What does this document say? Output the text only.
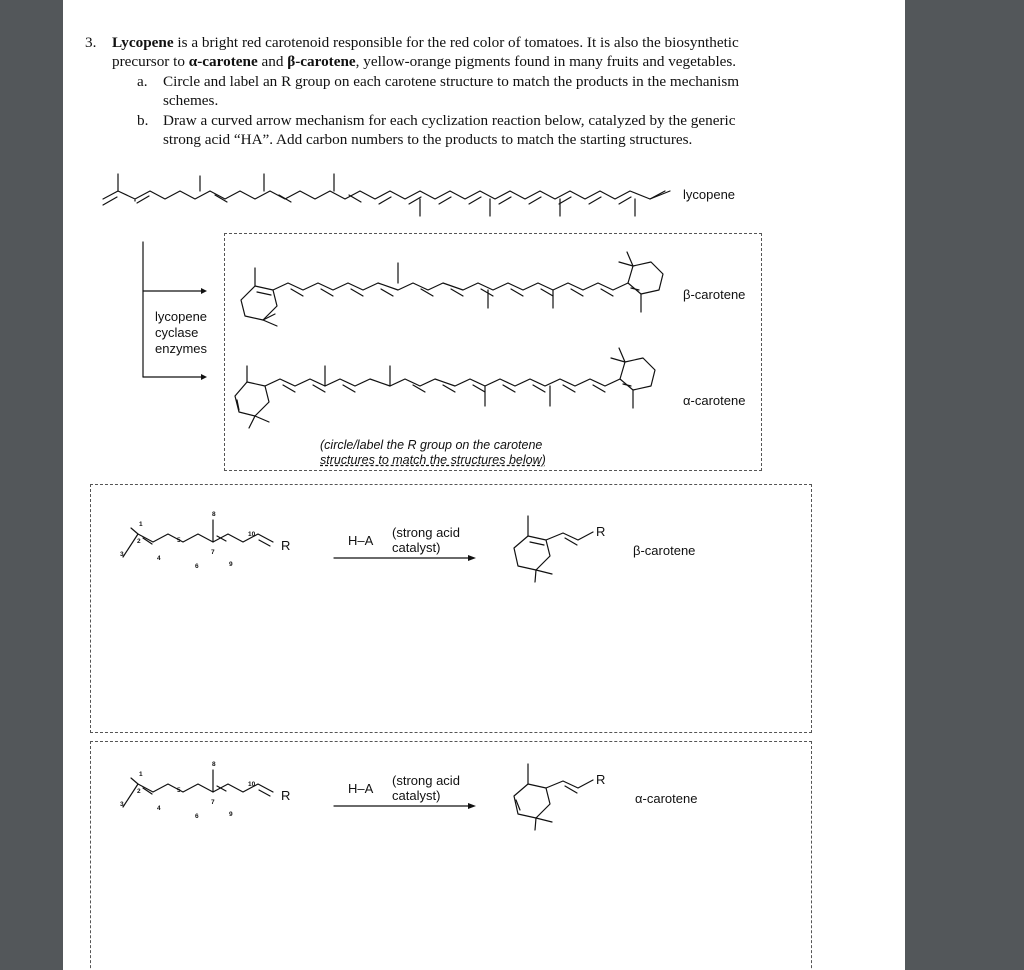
3. Lycopene is a bright red carotenoid responsible for the red color of tomatoes. It is also the biosynthetic
precursor to α-carotene and β-carotene, yellow-orange pigments found in many fruits and vegetables.
a. Circle and label an R group on each carotene structure to match the products in the mechanism
schemes.
b. Draw a curved arrow mechanism for each cyclization reaction below, catalyzed by the generic
strong acid “HA”. Add carbon numbers to the products to match the starting structures.
lycopene
β-carotene
α-carotene
lycopene
cyclase
enzymes
(circle/label the R group on the carotene
structures to match the structures below)
1
2
3
4
5
6
7
8
9
10
R	H–A
(strong acid
catalyst)
R
β-carotene
1
2
3
4
5
6
7
8
9
10
R	H–A
(strong acid
catalyst)
R
α-carotene
